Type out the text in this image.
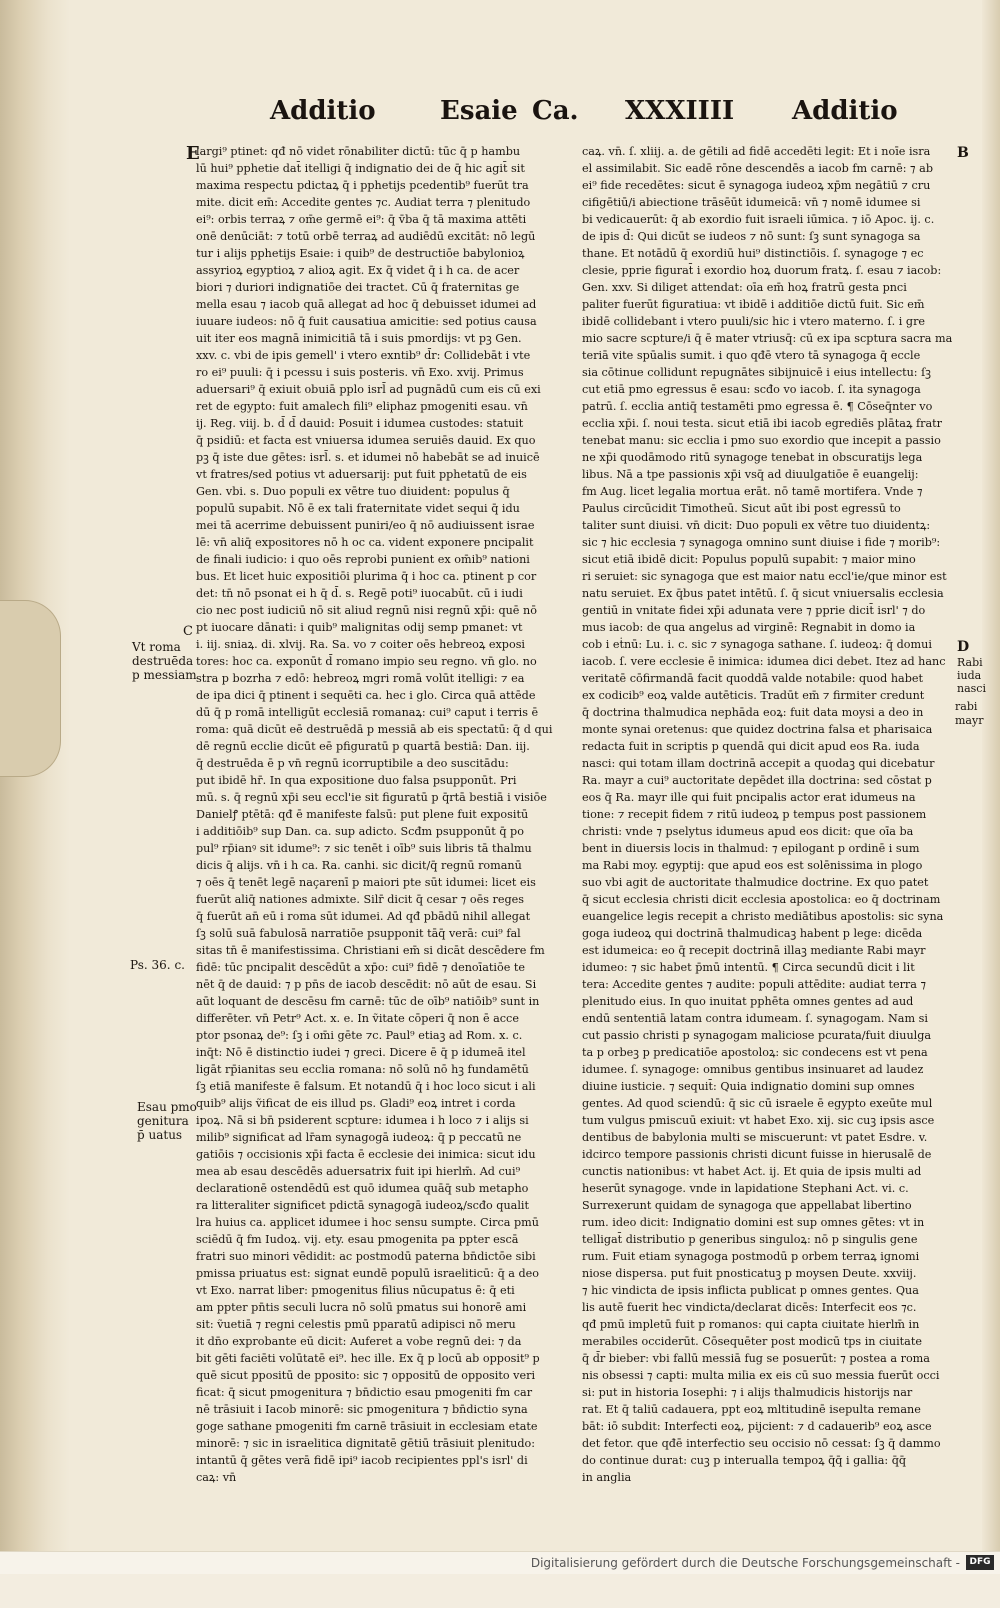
Additio Esaie Ca. XXXIIII Additio
E

largi⁹ ptinet: qđ nō videt rōnabiliter dictū: tūc q̄ p hambu

lū hui⁹ pphetie dat̄ itelligi q̄ indignatio dei de q̄ hic agit̄ sit

maxima respectu pdictaꝝ q̄ i pphetijs pcedentib⁹ fuerūt tra

mite. dicit em̄: Accedite gentes ⁊c. Audiat terra ⁊ plenitudo

ei⁹: orbis terraꝝ ⁊ om̄e germē ei⁹: q̄ v̄ba q̄ tā maxima attēti

onē denūciāt: ⁊ totū orbē terraꝝ ad audiēdū excitāt: nō legū

tur i alijs pphetijs Esaie: i quib⁹ de destructiōe babylonioꝝ

assyrioꝝ egyptioꝝ ⁊ alioꝝ agit. Ex q̄ videt q̄ i h ca. de acer

biori ⁊ duriori indignatiōe dei tractet. Cū q̄ fraternitas ge

mella esau ⁊ iacob quā allegat ad hoc q̄ debuisset idumei ad

iuuare iudeos: nō q̄ fuit causatiua amicitie: sed potius causa

uit iter eos magnā inimicitiā tā i suis pmordijs: vt pꝫ Gen.

xxv. c. vbi de ipis gemell' i vtero exntib⁹ d̄r: Collidebāt i vte

ro ei⁹ puuli: q̄ i pcessu i suis posteris. vn̄ Exo. xvij. Primus

aduersari⁹ q̄ exiuit obuiā pplo isrl̄ ad pugnādū cum eis cū exi

ret de egypto: fuit amalech fili⁹ eliphaz pmogeniti esau. vn̄

ij. Reg. viij. b. d̄ d̄ dauid: Posuit i idumea custodes: statuit

q̄ psidiū: et facta est vniuersa idumea seruiēs dauid. Ex quo

pꝫ q̄ iste due gētes: isrl̄. s. et idumei nō habebāt se ad inuicē

vt fratres/sed potius vt aduersarij: put fuit pphetatū de eis

Gen. vbi. s. Duo populi ex vētre tuo diuident: populus q̄

populū supabit. Nō ē ex tali fraternitate videt sequi q̄ idu

mei tā acerrime debuissent puniri/eo q̄ nō audiuissent israe

lē: vn̄ aliq̄ expositores nō h oc ca. vident exponere pncipalit

de finali iudicio: i quo oēs reprobi punient ex om̄ib⁹ nationi

bus. Et licet huic expositiōi plurima q̄ i hoc ca. ptinent p cor

det: tn̄ nō psonat ei h q̄ d̄. s. Regē poti⁹ iuocabūt. cū i iudi

cio nec post iudiciū nō sit aliud regnū nisi regnū xp̄i: quē nō

pt iuocare dānati: i quib⁹ malignitas odij semp pmanet: vt

i. iij. sniaꝝ. di. xlvij. Ra. Sa. vo ⁊ coiter oēs hebreoꝝ exposi

tores: hoc ca. exponūt d̄ romano impio seu regno. vn̄ glo. no

stra p bozrha ⁊ edō: hebreoꝝ mgri romā volūt itelligi: ⁊ ea

de ipa dici q̄ ptinent i sequēti ca. hec i glo. Circa quā attēde

dū q̄ p romā intelligūt ecclesiā romanaꝝ: cui⁹ caput i terris ē

roma: quā dicūt eē destruēdā p messiā ab eis spectatū: q̄ d qui

dē regnū ecclie dicūt eē pfiguratū p quartā bestiā: Dan. iij.

q̄ destruēda ē p vn̄ regnū icorruptibile a deo suscitādu:

put ibidē hr̄. In qua expositione duo falsa psupponūt. Pri

mū. s. q̄ regnū xp̄i seu eccl'ie sit figuratū p q̄rtā bestiā i visiōe

Danielꝭ ptētā: qđ ē manifeste falsū: put plene fuit expositū

i additiōib⁹ sup Dan. ca. sup adicto. Scđm psupponūt q̄ po

pul⁹ rp̄ianꝰ sit idume⁹: ⁊ sic tenēt i oīb⁹ suis libris tā thalmu

dicis q̄ alijs. vn̄ i h ca. Ra. canhi. sic dicit/q̄ regnū romanū

⁊ oēs q̄ tenēt legē naçarenī p maiori pte sūt idumei: licet eis

fuerūt aliq̄ nationes admixte. Silr̄ dicit q̄ cesar ⁊ oēs reges

q̄ fuerūt an̄ eū i roma sūt idumei. Ad qđ pbādū nihil allegat

ſꝫ solū suā fabulosā narratiōe psupponit tāq̄ verā: cui⁹ fal

sitas tn̄ ē manifestissima. Christiani em̄ si dicāt descēdere fm

fidē: tūc pncipalit descēdūt a xp̄o: cui⁹ fidē ⁊ denoīatiōe te

nēt q̄ de dauid: ⁊ p pn̄s de iacob descēdit: nō aūt de esau. Si

aūt loquant de descēsu fm carnē: tūc de oīb⁹ natiōib⁹ sunt in

differēter. vn̄ Petr⁹ Act. x. e. In ṽitate cōperi q̄ non ē acce

ptor psonaꝝ de⁹: ſꝫ i om̄i gēte ⁊c. Paul⁹ etiaꝫ ad Rom. x. c.

inq̄t: Nō ē distinctio iudei ⁊ greci. Dicere ē q̄ p idumeā itel

ligāt rp̄ianitas seu ecclia romana: nō solū nō hꝫ fundamētū

ſꝫ etiā manifeste ē falsum. Et notandū q̄ i hoc loco sicut i ali

quib⁹ alijs ṽificat de eis illud ps. Gladi⁹ eoꝝ intret i corda

ipoꝝ. Nā si bn̄ psiderent scpture: idumea i h loco ⁊ i alijs si

milib⁹ significat ad lr̄am synagogā iudeoꝝ: q̄ p peccatū ne

gatiōis ⁊ occisionis xp̄i facta ē ecclesie dei inimica: sicut idu

mea ab esau descēdēs aduersatrix fuit ipi hierlm̄. Ad cui⁹

declarationē ostendēdū est quō idumea quāq̄ sub metapho

ra litteraliter significet pdictā synagogā iudeoꝝ/scđo qualit

lra huius ca. applicet idumee i hoc sensu sumpte. Circa pmū

sciēdū q̄ fm Iudoꝝ. vij. ety. esau pmogenita pa ppter escā

fratri suo minori vēdidit: ac postmodū paterna bn̄dictōe sibi

pmissa priuatus est: signat eundē populū israeliticū: q̄ a deo

vt Exo. narrat liber: pmogenitus filius nūcupatus ē: q̄ eti

am ppter pn̄tis seculi lucra nō solū pmatus sui honorē ami

sit: ṽuetiā ⁊ regni celestis pmū pparatū adipisci nō meru

it dn̄o exprobante eū dicit: Auferet a vobe regnū dei: ⁊ da

bit gēti faciēti volūtatē ei⁹. hec ille. Ex q̄ p locū ab opposit⁹ p

quē sicut ppositū de pposito: sic ⁊ oppositū de opposito veri

ficat: q̄ sicut pmogenitura ⁊ bn̄dictio esau pmogeniti fm car

nē trāsiuit i Iacob minorē: sic pmogenitura ⁊ bn̄dictio syna

goge sathane pmogeniti fm carnē trāsiuit in ecclesiam etate

minorē: ⁊ sic in israelitica dignitatē gētiū trāsiuit plenitudo:

intantū q̄ gētes verā fidē ipi⁹ iacob recipientes ppl's isrl' di

caꝝ: vn̄

caꝝ. vn̄. ſ. xliij. a. de gētili ad fidē accedēti legit: Et i noīe isra

el assimilabit. Sic eadē rōne descendēs a iacob fm carnē: ⁊ ab

ei⁹ fide recedētes: sicut ē synagoga iudeoꝝ xp̄m negātiū ⁊ cru

cifigētiū/i abiectione trāsēūt idumeicā: vn̄ ⁊ nomē idumee si

bi vedicauerūt: q̄ ab exordio fuit israeli iūmica. ⁊ iō Apoc. ij. c.

de ipis d̄: Qui dicūt se iudeos ⁊ nō sunt: ſꝫ sunt synagoga sa

thane. Et notādū q̄ exordiū hui⁹ distinctiōis. ſ. synagoge ⁊ ec

clesie, pprie figurat̄ i exordio hoꝝ duorum fratꝝ. ſ. esau ⁊ iacob:

Gen. xxv. Si diliget attendat: oīa em̄ hoꝝ fratrū gesta pnci

paliter fuerūt figuratiua: vt ibidē i additiōe dictū fuit. Sic em̄

ibidē collidebant i vtero puuli/sic hic i vtero materno. ſ. i gre

mio sacre scpture/i q̄ ē mater vtriusq̄: cū ex ipa scptura sacra ma

teriā vite spūalis sumit. i quo qđē vtero tā synagoga q̄ eccle

sia cōtinue collidunt repugnātes sibijnuicē i eius intellectu: ſꝫ

cut etiā pmo egressus ē esau: scđo vo iacob. ſ. ita synagoga

patrū. ſ. ecclia antiq̄ testamēti pmo egressa ē. ¶ Cōseq̄nter vo

ecclia xp̄i. ſ. noui testa. sicut etiā ibi iacob egrediēs plātaꝝ fratr

tenebat manu: sic ecclia i pmo suo exordio que incepit a passio

ne xp̄i quodāmodo ritū synagoge tenebat in obscuratijs lega

libus. Nā a tpe passionis xp̄i vsq̄ ad diuulgatiōe ē euangelij:

fm Aug. licet legalia mortua erāt. nō tamē mortifera. Vnde ⁊

Paulus circūcidit Timotheū. Sicut aūt ibi post egressū to

taliter sunt diuisi. vn̄ dicit: Duo populi ex vētre tuo diuidentꝝ:

sic ⁊ hic ecclesia ⁊ synagoga omnino sunt diuise i fide ⁊ morib⁹:

sicut etiā ibidē dicit: Populus populū supabit: ⁊ maior mino

ri seruiet: sic synagoga que est maior natu eccl'ie/que minor est

natu seruiet. Ex q̄bus patet intētū. ſ. q̄ sicut vniuersalis ecclesia

gentiū in vnitate fidei xp̄i adunata vere ⁊ pprie dicit̄ isrl' ⁊ do

mus iacob: de qua angelus ad virginē: Regnabit in domo ia

cob i eṫnū: Lu. i. c. sic ⁊ synagoga sathane. ſ. iudeoꝝ: q̄ domui

iacob. ſ. vere ecclesie ē inimica: idumea dici debet. Itez ad hanc

veritatē cōfirmandā facit quoddā valde notabile: quod habet

ex codicib⁹ eoꝝ valde autēticis. Tradūt em̄ ⁊ firmiter credunt

q̄ doctrina thalmudica nephāda eoꝝ: fuit data moysi a deo in

monte synai oretenus: que quidez doctrina falsa et pharisaica

redacta fuit in scriptis p quendā qui dicit apud eos Ra. iuda

nasci: qui totam illam doctrinā accepit a quodaꝫ qui dicebatur

Ra. mayr a cui⁹ auctoritate depēdet illa doctrina: sed cōstat p

eos q̄ Ra. mayr ille qui fuit pncipalis actor erat idumeus na

tione: ⁊ recepit fidem ⁊ ritū iudeoꝝ p tempus post passionem

christi: vnde ⁊ pselytus idumeus apud eos dicit: que oīa ba

bent in diuersis locis in thalmud: ⁊ epilogant p ordinē i sum

ma Rabi moy. egyptij: que apud eos est solēnissima in plogo

suo vbi agit de auctoritate thalmudice doctrine. Ex quo patet

q̄ sicut ecclesia christi dicit ecclesia apostolica: eo q̄ doctrinam

euangelice legis recepit a christo mediātibus apostolis: sic syna

goga iudeoꝝ qui doctrinā thalmudicaꝫ habent p lege: dicēda

est idumeica: eo q̄ recepit doctrinā illaꝫ mediante Rabi mayr

idumeo: ⁊ sic habet p̄mū intentū. ¶ Circa secundū dicit i lit

tera: Accedite gentes ⁊ audite: populi attēdite: audiat terra ⁊

plenitudo eius. In quo inuitat pphēta omnes gentes ad aud

endū sententiā latam contra idumeam. ſ. synagogam. Nam si

cut passio christi p synagogam maliciose pcurata/fuit diuulga

ta p orbeꝫ p predicatiōe apostoloꝝ: sic condecens est vt pena

idumee. ſ. synagoge: omnibus gentibus insinuaret ad laudez

diuine iusticie. ⁊ sequit̄: Quia indignatio domini sup omnes

gentes. Ad quod sciendū: q̄ sic cū israele ē egypto exeūte mul

tum vulgus pmiscuū exiuit: vt habet Exo. xij. sic cuꝫ ipsis asce

dentibus de babylonia multi se miscuerunt: vt patet Esdre. v.

idcirco tempore passionis christi dicunt fuisse in hierusalē de

cunctis nationibus: vt habet Act. ij. Et quia de ipsis multi ad

heserūt synagoge. vnde in lapidatione Stephani Act. vi. c.

Surrexerunt quidam de synagoga que appellabat libertino

rum. ideo dicit: Indignatio domini est sup omnes gētes: vt in

telligat̄ distributio p generibus singuloꝝ: nō p singulis gene

rum. Fuit etiam synagoga postmodū p orbem terraꝝ ignomi

niose dispersa. put fuit pnosticatuꝫ p moysen Deute. xxviij.

⁊ hic vindicta de ipsis inflicta publicat p omnes gentes. Qua

lis autē fuerit hec vindicta/declarat dicēs: Interfecit eos ⁊c.

qđ pmū impletū fuit p romanos: qui capta ciuitate hierlm̄ in

merabiles occiderūt. Cōsequēter post modicū tps in ciuitate

q̄ d̄r bieber: vbi fallū messiā fug se posuerūt: ⁊ postea a roma

nis obsessi ⁊ capti: multa milia ex eis cū suo messia fuerūt occi

si: put in historia Iosephi: ⁊ i alijs thalmudicis historijs nar

rat. Et q̄ taliū cadauera, ppt eoꝝ mltitudinē isepulta remane

bāt: iō subdit: Interfecti eoꝝ, pijcient: ⁊ d cadauerib⁹ eoꝝ asce

det fetor. que qđē interfectio seu occisio nō cessat: ſꝫ q̄ dammo

do continue durat: cuꝫ p interualla tempoꝝ q̄q̄ i gallia: q̄q̄

in anglia

B
C
D
Vt roma destruēda p messiam
Ps. 36. c.
Esau pmo genitura p̄ uatus
Rabi iuda nasci
rabi mayr
Digitalisierung gefördert durch die Deutsche Forschungsgemeinschaft -	DFG
